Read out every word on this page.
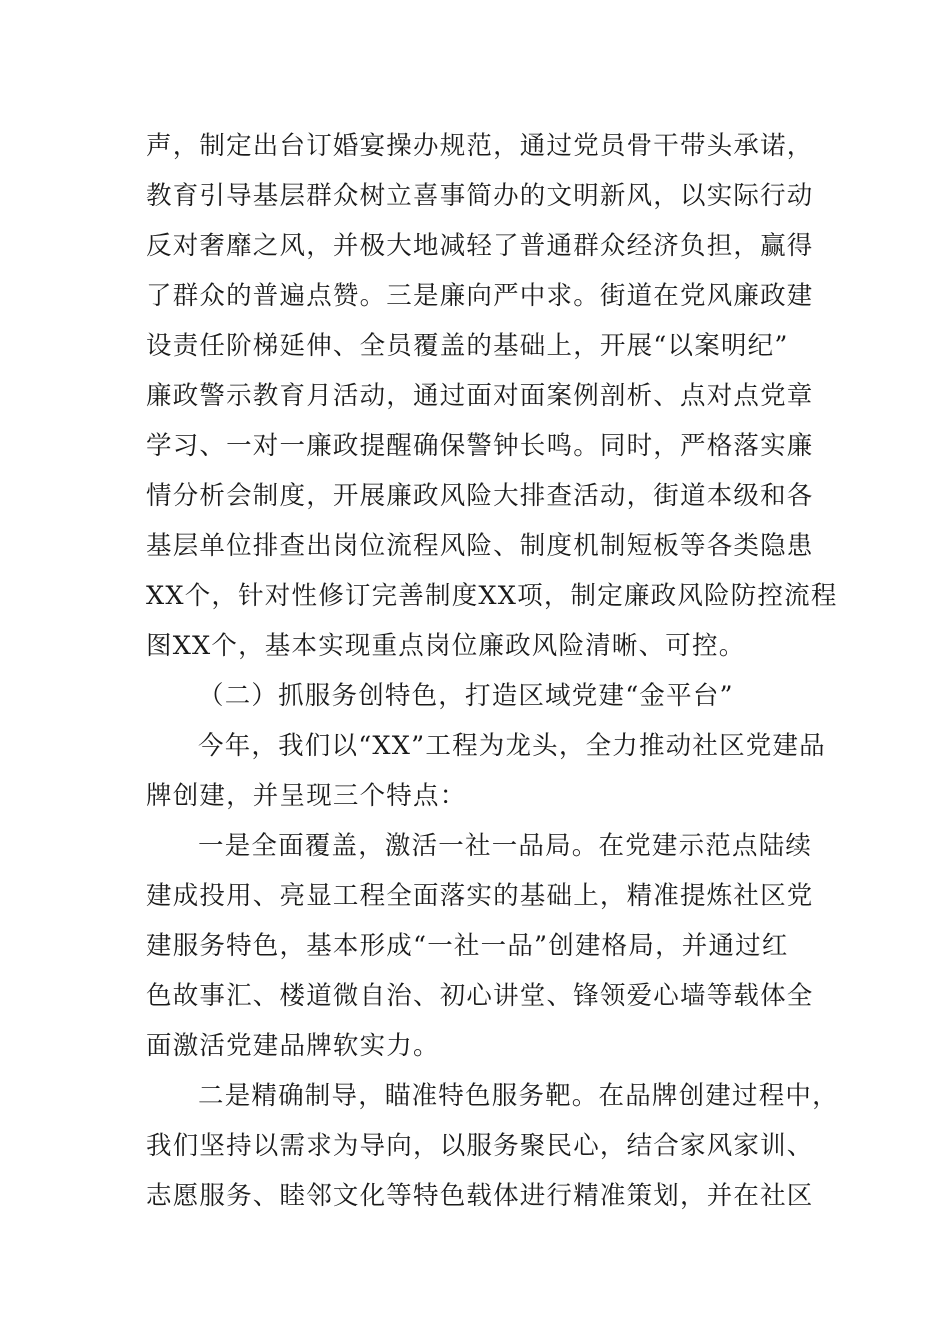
声，制定出台订婚宴操办规范，通过党员骨干带头承诺，
教育引导基层群众树立喜事简办的文明新风，以实际行动
反对奢靡之风，并极大地减轻了普通群众经济负担，赢得
了群众的普遍点赞。三是廉向严中求。街道在党风廉政建
设责任阶梯延伸、全员覆盖的基础上，开展“以案明纪”
廉政警示教育月活动，通过面对面案例剖析、点对点党章
学习、一对一廉政提醒确保警钟长鸣。同时，严格落实廉
情分析会制度，开展廉政风险大排查活动，街道本级和各
基层单位排查出岗位流程风险、制度机制短板等各类隐患
XX个，针对性修订完善制度XX项，制定廉政风险防控流程
图XX个，基本实现重点岗位廉政风险清晰、可控。
（二）抓服务创特色，打造区域党建“金平台”
今年，我们以“XX”工程为龙头，全力推动社区党建品
牌创建，并呈现三个特点：
一是全面覆盖，激活一社一品局。在党建示范点陆续
建成投用、亮显工程全面落实的基础上，精准提炼社区党
建服务特色，基本形成“一社一品”创建格局，并通过红
色故事汇、楼道微自治、初心讲堂、锋领爱心墙等载体全
面激活党建品牌软实力。
二是精确制导，瞄准特色服务靶。在品牌创建过程中，
我们坚持以需求为导向，以服务聚民心，结合家风家训、
志愿服务、睦邻文化等特色载体进行精准策划，并在社区
